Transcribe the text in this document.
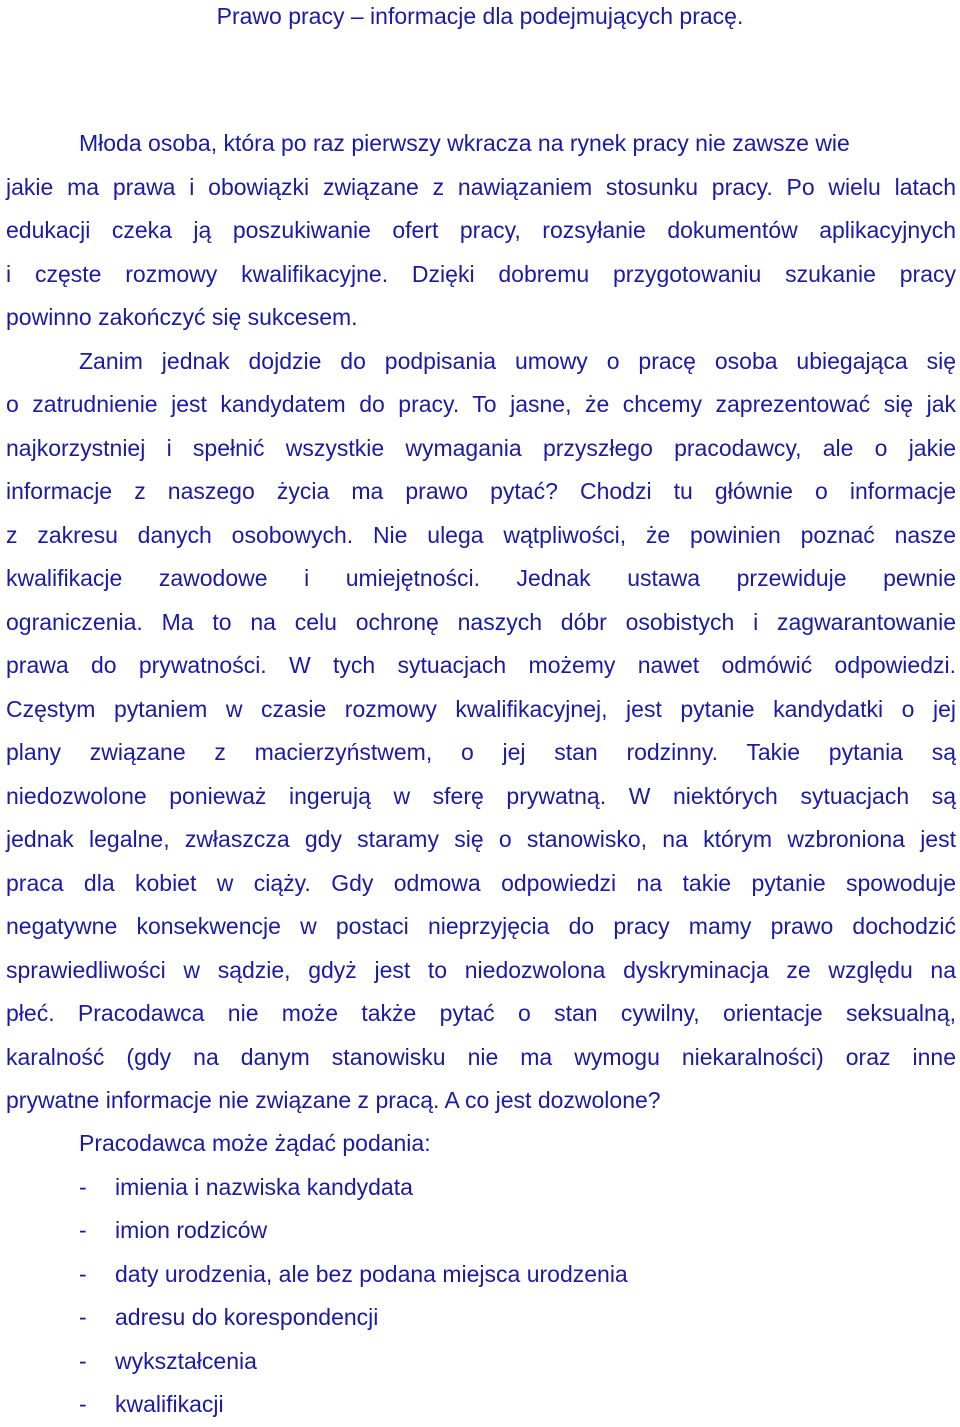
Prawo pracy – informacje dla podejmujących pracę.
Młoda osoba, która po raz pierwszy wkracza na rynek pracy nie zawsze wie
jakie ma prawa i obowiązki związane z nawiązaniem stosunku pracy. Po wielu latach
edukacji czeka ją poszukiwanie ofert pracy, rozsyłanie dokumentów aplikacyjnych
i częste rozmowy kwalifikacyjne. Dzięki dobremu przygotowaniu szukanie pracy
powinno zakończyć się sukcesem.
Zanim jednak dojdzie do podpisania umowy o pracę osoba ubiegająca się
o zatrudnienie jest kandydatem do pracy. To jasne, że chcemy zaprezentować się jak
najkorzystniej i spełnić wszystkie wymagania przyszłego pracodawcy, ale o jakie
informacje z naszego życia ma prawo pytać? Chodzi tu głównie o informacje
z zakresu danych osobowych. Nie ulega wątpliwości, że powinien poznać nasze
kwalifikacje zawodowe i umiejętności. Jednak ustawa przewiduje pewnie
ograniczenia. Ma to na celu ochronę naszych dóbr osobistych i zagwarantowanie
prawa do prywatności. W tych sytuacjach możemy nawet odmówić odpowiedzi.
Częstym pytaniem w czasie rozmowy kwalifikacyjnej, jest pytanie kandydatki o jej
plany związane z macierzyństwem, o jej stan rodzinny. Takie pytania są
niedozwolone ponieważ ingerują w sferę prywatną. W niektórych sytuacjach są
jednak legalne, zwłaszcza gdy staramy się o stanowisko, na którym wzbroniona jest
praca dla kobiet w ciąży. Gdy odmowa odpowiedzi na takie pytanie spowoduje
negatywne konsekwencje w postaci nieprzyjęcia do pracy mamy prawo dochodzić
sprawiedliwości w sądzie, gdyż jest to niedozwolona dyskryminacja ze względu na
płeć. Pracodawca nie może także pytać o stan cywilny, orientacje seksualną,
karalność (gdy na danym stanowisku nie ma wymogu niekaralności) oraz inne
prywatne informacje nie związane z pracą. A co jest dozwolone?
Pracodawca może żądać podania:
-	imienia i nazwiska kandydata
-	imion rodziców
-	daty urodzenia, ale bez podana miejsca urodzenia
-	adresu do korespondencji
-	wykształcenia
-	kwalifikacji
